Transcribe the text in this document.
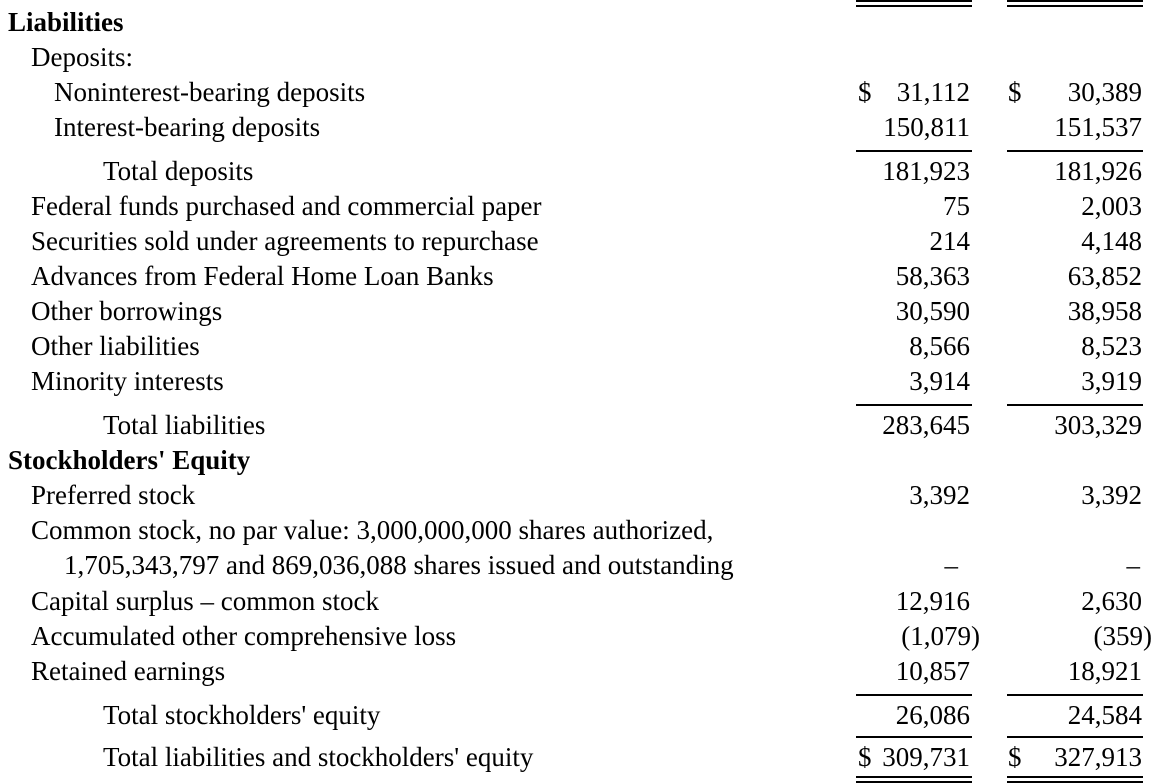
Liabilities
Deposits:
Noninterest-bearing deposits	$ 31,112 $ 30,389
Interest-bearing deposits	150,811	151,537
Total deposits	181,923	181,926
Federal funds purchased and commercial paper	75	2,003
Securities sold under agreements to repurchase	214	4,148
Advances from Federal Home Loan Banks	58,363	63,852
Other borrowings	30,590	38,958
Other liabilities	8,566	8,523
Minority interests	3,914	3,919
Total liabilities	283,645	303,329
Stockholders' Equity
Preferred stock	3,392	3,392
Common stock, no par value: 3,000,000,000 shares authorized,
1,705,343,797 and 869,036,088 shares issued and outstanding	–	–
Capital surplus – common stock	12,916	2,630
Accumulated other comprehensive loss	(1,079)	(359)
Retained earnings	10,857	18,921
Total stockholders' equity	26,086	24,584
Total liabilities and stockholders' equity	$ 309,731 $ 327,913
